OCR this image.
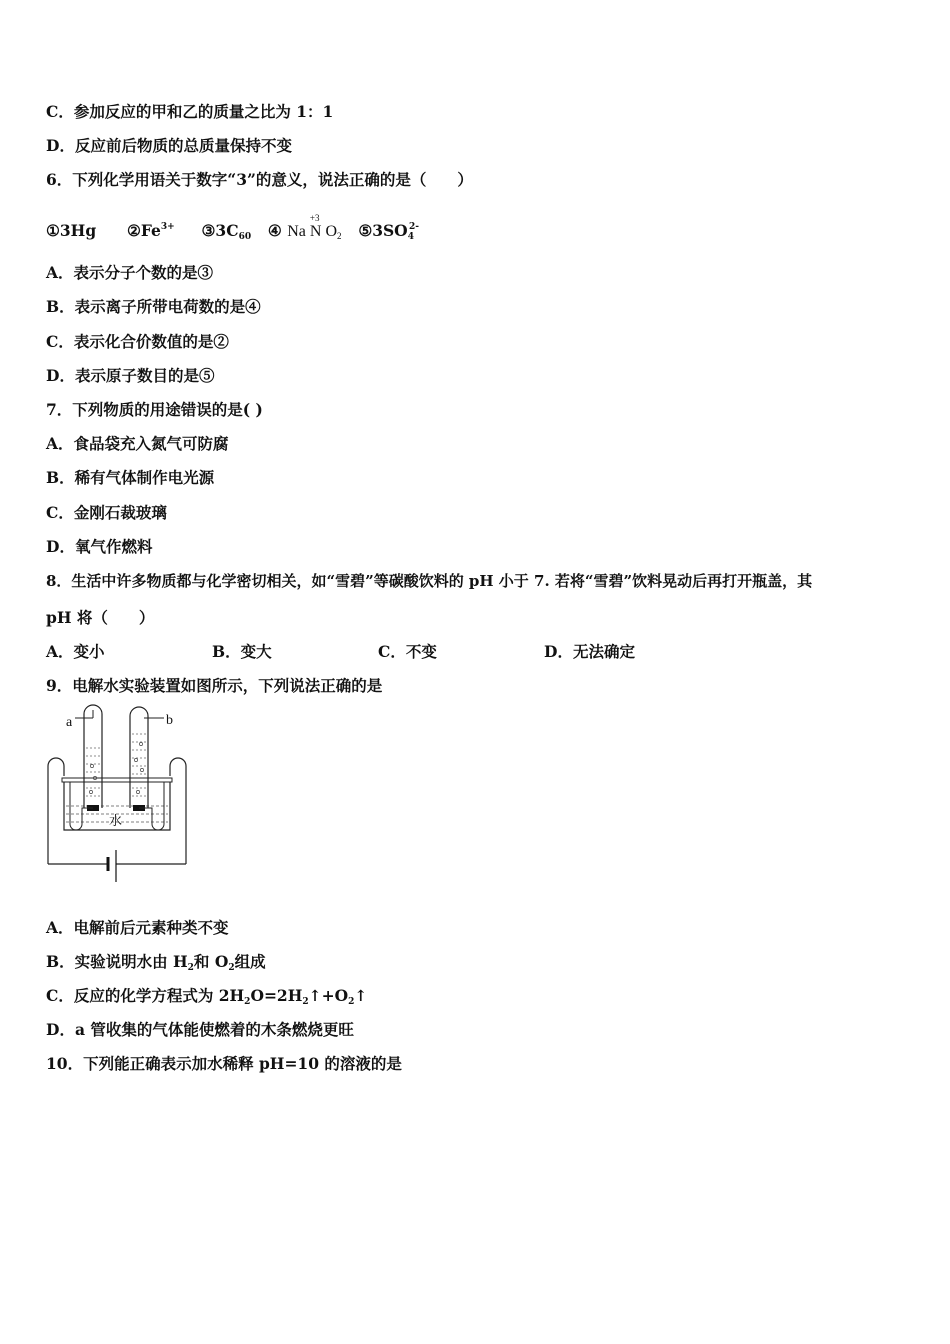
C．参加反应的甲和乙的质量之比为 1：1
D．反应前后物质的总质量保持不变
6．下列化学用语关于数字“3”的意义，说法正确的是（　　）
①3Hg $②Fe^{3+}$ $③3C_{60}$ ④ Na
+3
N $O_2$ $⑤3SO_4^{2-}$
A．表示分子个数的是③
B．表示离子所带电荷数的是④
C．表示化合价数值的是②
D．表示原子数目的是⑤
7．下列物质的用途错误的是( )
A．食品袋充入氮气可防腐
B．稀有气体制作电光源
C．金刚石裁玻璃
D．氧气作燃料
8．生活中许多物质都与化学密切相关，如“雪碧”等碳酸饮料的 pH 小于 7. 若将“雪碧”饮料晃动后再打开瓶盖，其
pH 将（　　）
A．变小	B．变大	C．不变	D．无法确定
9．电解水实验装置如图所示，下列说法正确的是
a	b
水
A．电解前后元素种类不变
B．实验说明水由 $H_2$和 $O_2$组成
C．反应的化学方程式为 $2H_2O=2H_2↑+O_2↑$
D．a 管收集的气体能使燃着的木条燃烧更旺
10．下列能正确表示加水稀释 pH=10 的溶液的是
